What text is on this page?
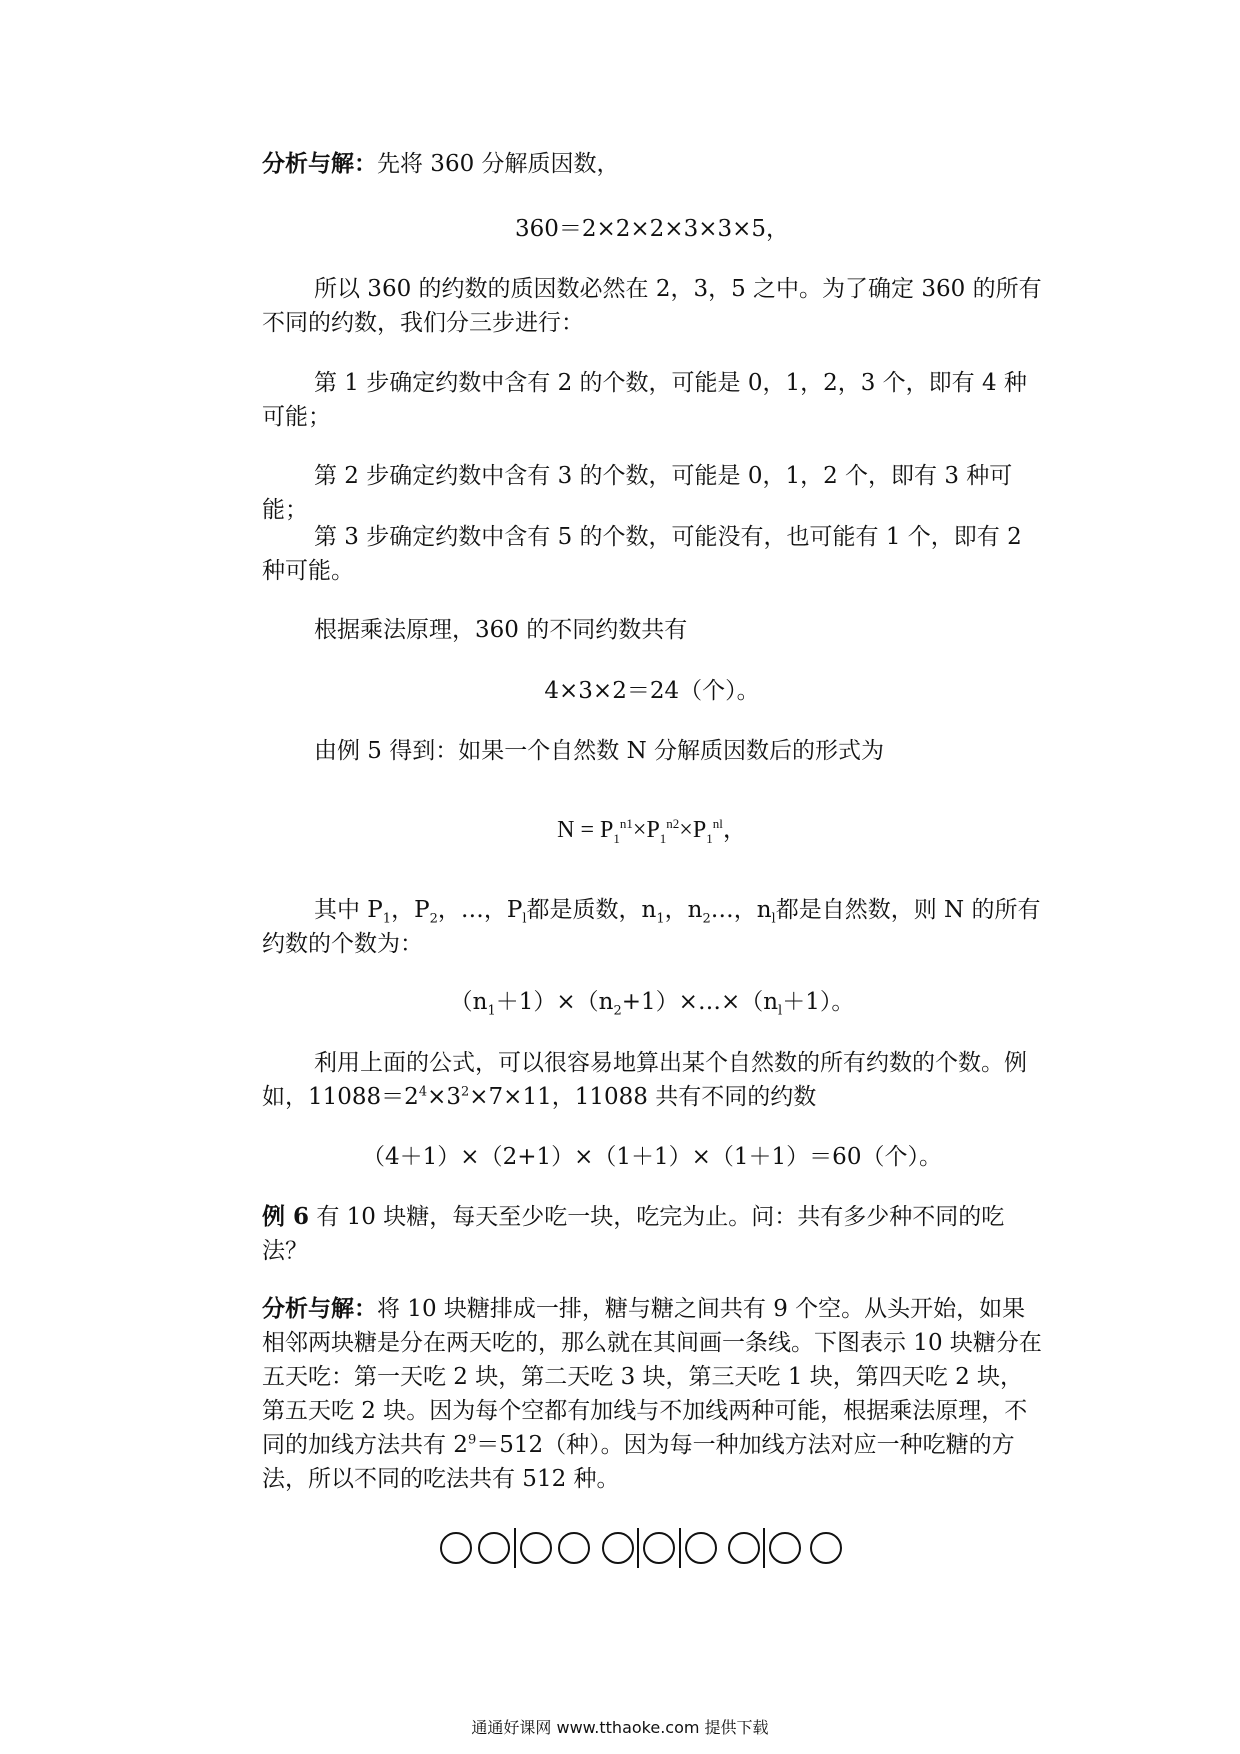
分析与解：先将 360 分解质因数，

360＝2×2×2×3×3×5，

所以 360 的约数的质因数必然在 2，3，5 之中。为了确定 360 的所有不同的约数，我们分三步进行：

第 1 步确定约数中含有 2 的个数，可能是 0，1，2，3 个，即有 4 种可能；

第 2 步确定约数中含有 3 的个数，可能是 0，1，2 个，即有 3 种可能；

第 3 步确定约数中含有 5 的个数，可能没有，也可能有 1 个，即有 2 种可能。

根据乘法原理，360 的不同约数共有

4×3×2＝24（个）。

由例 5 得到：如果一个自然数 N 分解质因数后的形式为

$N = P_1^{n1}\times P_1^{n2}\times P_1^{nl}$，

其中 $P_1$，$P_2$，…，$P_l$都是质数，$n_1$，$n_2\dots$，$n_l$都是自然数，则 N 的所有约数的个数为：

$(n_1+1)\times(n_2+1)\times\dots\times(n_l+1)$。

利用上面的公式，可以很容易地算出某个自然数的所有约数的个数。例如，$11088=2^4\times 3^2\times 7\times 11$，11088 共有不同的约数

（4＋1）×（2+1）×（1＋1）×（1＋1）＝60（个）。

例 6 有 10 块糖，每天至少吃一块，吃完为止。问：共有多少种不同的吃法？

分析与解：将 10 块糖排成一排，糖与糖之间共有 9 个空。从头开始，如果相邻两块糖是分在两天吃的，那么就在其间画一条线。下图表示 10 块糖分在五天吃：第一天吃 2 块，第二天吃 3 块，第三天吃 1 块，第四天吃 2 块，第五天吃 2 块。因为每个空都有加线与不加线两种可能，根据乘法原理，不同的加线方法共有 $2^9=512$（种）。因为每一种加线方法对应一种吃糖的方法，所以不同的吃法共有 512 种。

通通好课网 www.tthaoke.com 提供下载
